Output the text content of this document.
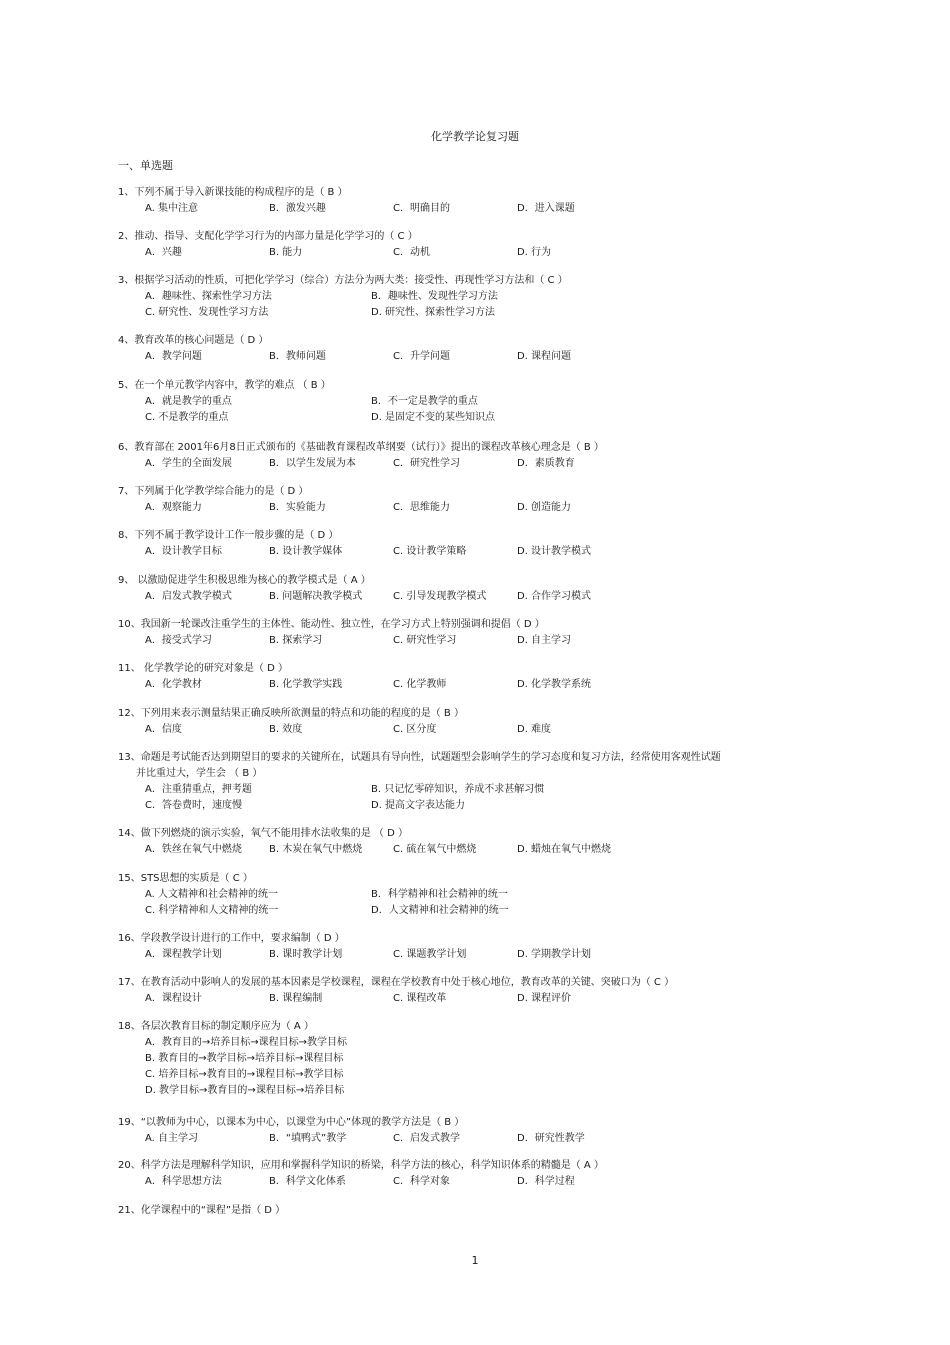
化学教学论复习题
一、单选题
1、下列不属于导入新课技能的构成程序的是（ B ）
A. 集中注意	B．激发兴趣	C．明确目的	D．进入课题
2、推动、指导、支配化学学习行为的内部力量是化学学习的（ C ）
A．兴趣	B. 能力	C．动机	D. 行为
3、根据学习活动的性质，可把化学学习（综合）方法分为两大类：接受性、再现性学习方法和（ C ）
A．趣味性、探索性学习方法	B．趣味性、发现性学习方法
C. 研究性、发现性学习方法	D. 研究性、探索性学习方法
4、教育改革的核心问题是（ D ）
A．教学问题	B．教师问题	C．升学问题	D. 课程问题
5、在一个单元教学内容中，教学的难点 （ B ）
A．就是教学的重点	B．不一定是教学的重点
C. 不是教学的重点	D. 是固定不变的某些知识点
6、教育部在 2001年6月8日正式颁布的《基础教育课程改革纲要（试行）》提出的课程改革核心理念是（ B ）
A．学生的全面发展	B．以学生发展为本	C．研究性学习	D．素质教育
7、下列属于化学教学综合能力的是（ D ）
A．观察能力	B．实验能力	C．思维能力	D. 创造能力
8、下列不属于教学设计工作一般步骤的是（ D ）
A．设计教学目标	B. 设计教学媒体	C. 设计教学策略	D. 设计教学模式
9、 以激励促进学生积极思维为核心的教学模式是（ A ）
A．启发式教学模式	B. 问题解决教学模式	C. 引导发现教学模式	D. 合作学习模式
10、我国新一轮课改注重学生的主体性、能动性、独立性，在学习方式上特别强调和提倡（ D ）
A．接受式学习	B. 探索学习	C. 研究性学习	D. 自主学习
11、 化学教学论的研究对象是（ D ）
A．化学教材	B. 化学教学实践	C. 化学教师	D. 化学教学系统
12、下列用来表示测量结果正确反映所欲测量的特点和功能的程度的是（ B ）
A．信度	B. 效度	C. 区分度	D. 难度
13、命题是考试能否达到期望目的要求的关键所在，试题具有导向性，试题题型会影响学生的学习态度和复习方法，经常使用客观性试题
并比重过大，学生会 （ B ）
A．注重猜重点，押考题	B. 只记忆零碎知识，养成不求甚解习惯
C．答卷费时，速度慢	D. 提高文字表达能力
14、做下列燃烧的演示实验，氧气不能用排水法收集的是 （ D ）
A．铁丝在氧气中燃烧	B. 木炭在氧气中燃烧	C. 硫在氧气中燃烧	D. 蜡烛在氧气中燃烧
15、STS思想的实质是（ C ）
A. 人文精神和社会精神的统一	B．科学精神和社会精神的统一
C. 科学精神和人文精神的统一	D．人文精神和社会精神的统一
16、学段教学设计进行的工作中，要求编制（ D ）
A．课程教学计划	B. 课时教学计划	C. 课题教学计划	D. 学期教学计划
17、在教育活动中影响人的发展的基本因素是学校课程，课程在学校教育中处于核心地位，教育改革的关键、突破口为（ C ）
A．课程设计	B. 课程编制	C. 课程改革	D. 课程评价
18、各层次教育目标的制定顺序应为（ A ）
A．教育目的→培养目标→课程目标→教学目标
B. 教育目的→教学目标→培养目标→课程目标
C. 培养目标→教育目的→课程目标→教学目标
D. 教学目标→教育目的→课程目标→培养目标
19、“以教师为中心，以课本为中心，以课堂为中心”体现的教学方法是（ B ）
A. 自主学习	B．“填鸭式”教学	C．启发式教学	D．研究性教学
20、科学方法是理解科学知识，应用和掌握科学知识的桥梁，科学方法的核心，科学知识体系的精髓是（ A ）
A．科学思想方法	B．科学文化体系	C．科学对象	D．科学过程
21、化学课程中的“课程”是指（ D ）
1
